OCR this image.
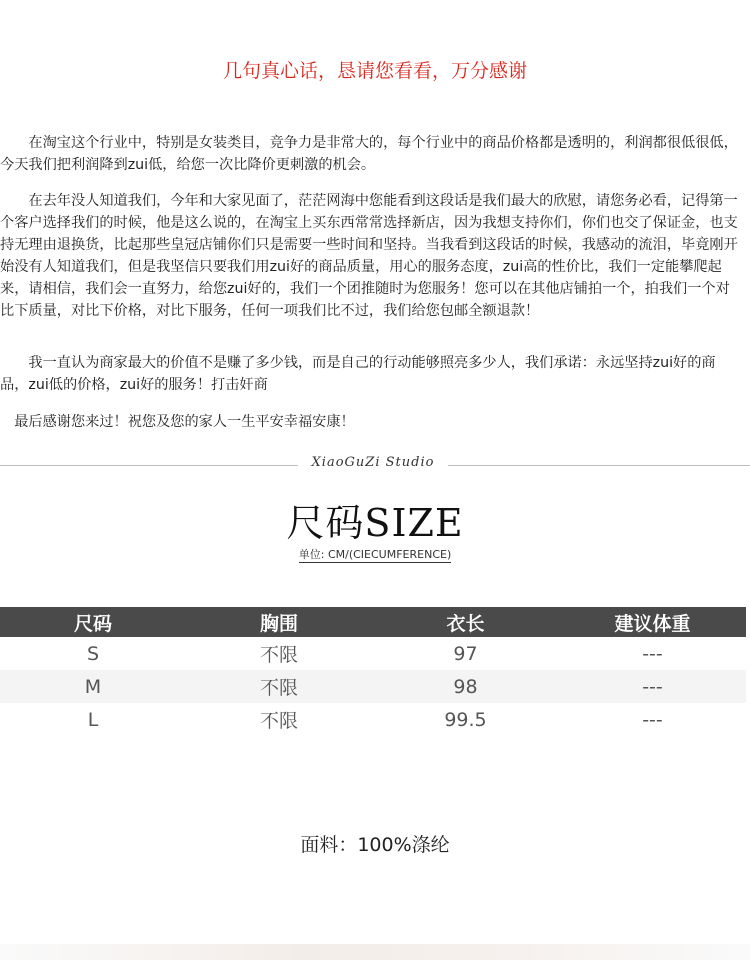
几句真心话，恳请您看看，万分感谢

在淘宝这个行业中，特别是女装类目，竞争力是非常大的，每个行业中的商品价格都是透明的，利润都很低很低，今天我们把利润降到zui低，给您一次比降价更刺激的机会。

在去年没人知道我们，今年和大家见面了，茫茫网海中您能看到这段话是我们最大的欣慰，请您务必看，记得第一个客户选择我们的时候，他是这么说的，在淘宝上买东西常常选择新店，因为我想支持你们，你们也交了保证金，也支持无理由退换货，比起那些皇冠店铺你们只是需要一些时间和坚持。当我看到这段话的时候，我感动的流泪，毕竟刚开始没有人知道我们，但是我坚信只要我们用zui好的商品质量，用心的服务态度，zui高的性价比，我们一定能攀爬起来，请相信，我们会一直努力，给您zui好的，我们一个团推随时为您服务！您可以在其他店铺拍一个，拍我们一个对比下质量，对比下价格，对比下服务，任何一项我们比不过，我们给您包邮全额退款！

我一直认为商家最大的价值不是赚了多少钱，而是自己的行动能够照亮多少人，我们承诺：永远坚持zui好的商品，zui低的价格，zui好的服务！打击奸商

最后感谢您来过！祝您及您的家人一生平安幸福安康！

XiaoGuZi Studio
尺码SIZE
单位: CM/(CIECUMFERENCE)
尺码	胸围	衣长	建议体重
S	不限	97	---
M	不限	98	---
L	不限	99.5	---
面料：100%涤纶
